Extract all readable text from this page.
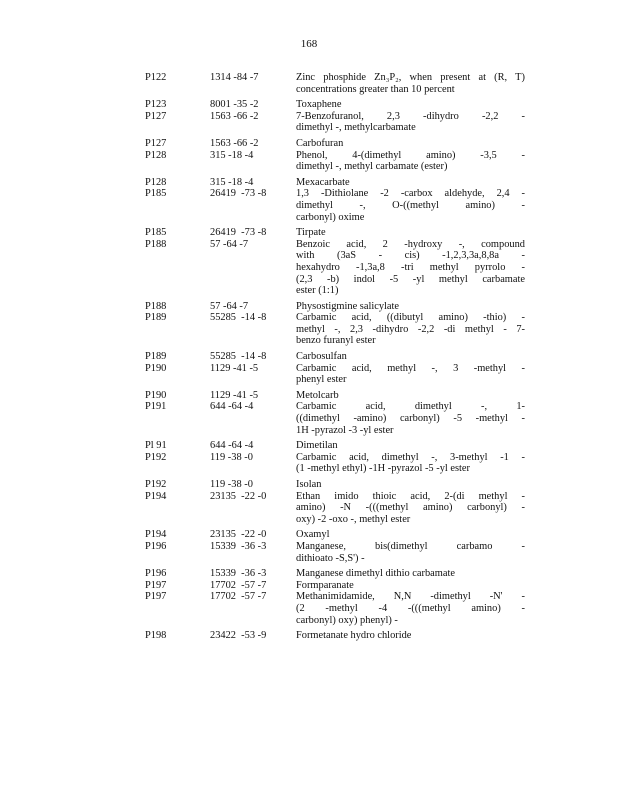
168
P122	1314 -84 -7	Zinc phosphide Zn₃P₂, when present at (R, T)
concentrations greater than 10 percent
P123	8001 -35 -2	Toxaphene
P127	1563 -66 -2	7-Benzofuranol, 2,3 -dihydro -2,2 -
dimethyl -, methylcarbamate
P127	1563 -66 -2	Carbofuran
P128	315 -18 -4	Phenol, 4-(dimethyl amino) -3,5 -
dimethyl -, methyl carbamate (ester)
P128	315 -18 -4	Mexacarbate
P185	26419  -73 -8	1,3 -Dithiolane -2 -carbox aldehyde, 2,4 -
dimethyl -, O-((methyl amino) -
carbonyl) oxime
P185	26419  -73 -8	Tirpate
P188	57 -64 -7	Benzoic acid, 2 -hydroxy -, compound
with (3aS - cis) -1,2,3,3a,8,8a -
hexahydro -1,3a,8 -tri methyl pyrrolo -
(2,3 -b) indol -5 -yl methyl carbamate
ester (1:1)
P188	57 -64 -7	Physostigmine salicylate
P189	55285  -14 -8	Carbamic acid, ((dibutyl amino) -thio) -
methyl -, 2,3 -dihydro -2,2 -di methyl - 7-
benzo furanyl ester
P189	55285  -14 -8	Carbosulfan
P190	1129 -41 -5	Carbamic acid, methyl -, 3 -methyl -
phenyl ester
P190	1129 -41 -5	Metolcarb
P191	644 -64 -4	Carbamic acid, dimethyl -, 1-
((dimethyl -amino) carbonyl) -5 -methyl -
1H -pyrazol -3 -yl ester
Pl 91	644 -64 -4	Dimetilan
P192	119 -38 -0	Carbamic acid, dimethyl -, 3-methyl -1 -
(1 -methyl ethyl) -1H -pyrazol -5 -yl ester
P192	119 -38 -0	Isolan
P194	23135  -22 -0	Ethan imido thioic acid, 2-(di methyl -
amino) -N -(((methyl amino) carbonyl) -
oxy) -2 -oxo -, methyl ester
P194	23135  -22 -0	Oxamyl
P196	15339  -36 -3	Manganese, bis(dimethyl carbamo -
dithioato -S,S') -
P196	15339  -36 -3	Manganese dimethyl dithio carbamate
P197	17702  -57 -7	Formparanate
P197	17702  -57 -7	Methanimidamide, N,N -dimethyl -N' -
(2 -methyl -4 -(((methyl amino) -
carbonyl) oxy) phenyl) -
P198	23422  -53 -9	Formetanate hydro chloride
